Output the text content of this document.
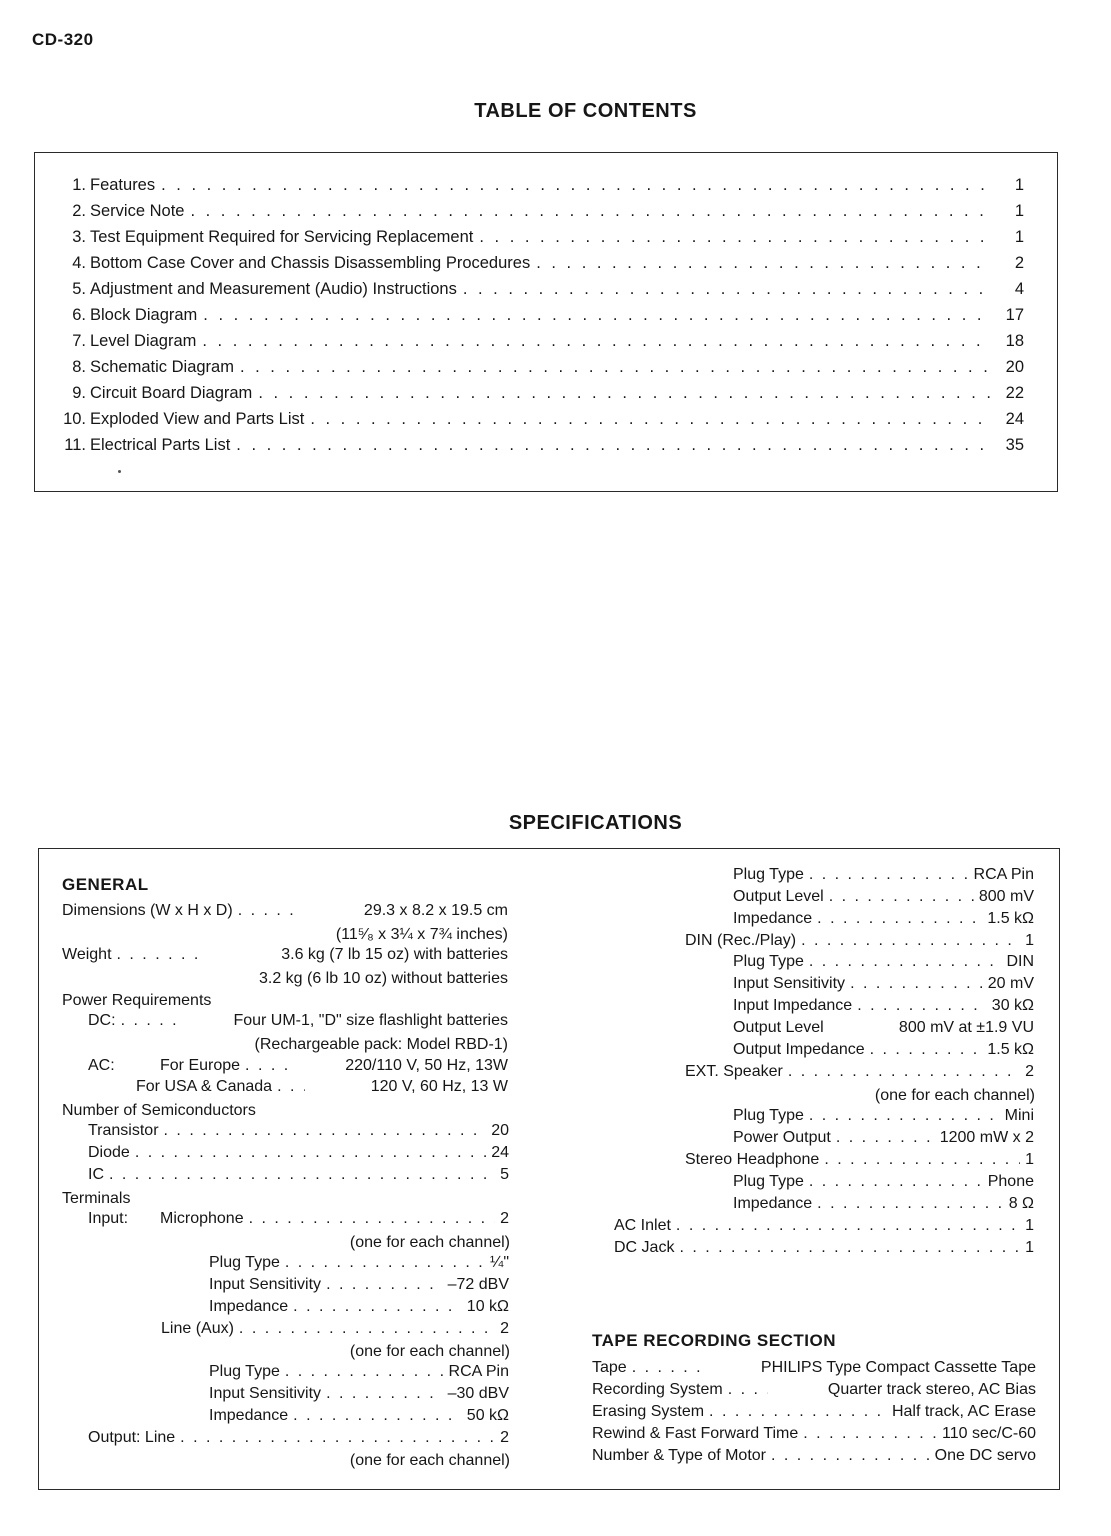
CD-320
TABLE OF CONTENTS
1. Features . . .	1
2. Service Note . . .	1
3. Test Equipment Required for Servicing Replacement . . .	1
4. Bottom Case Cover and Chassis Disassembling Procedures . . .	2
5. Adjustment and Measurement (Audio) Instructions . . .	4
6. Block Diagram . . .	17
7. Level Diagram . . .	18
8. Schematic Diagram . . .	20
9. Circuit Board Diagram . . .	22
10. Exploded View and Parts List . . .	24
11. Electrical Parts List . . .	35
SPECIFICATIONS
GENERAL
Dimensions (W x H x D) . . .	29.3 x 8.2 x 19.5 cm
(11⁵⁄₈ x 3¼ x 7¾ inches)
Weight . . .	3.6 kg (7 lb 15 oz) with batteries
3.2 kg (6 lb 10 oz) without batteries
Power Requirements
DC: . . .	Four UM-1, "D" size flashlight batteries
(Rechargeable pack: Model RBD-1)
AC:	For Europe . . .	220/110 V, 50 Hz, 13W
For USA & Canada . . .	120 V, 60 Hz, 13 W
Number of Semiconductors
Transistor . . .	20
Diode . . .	24
IC . . .	5
Terminals
Input:	Microphone . . .	2
(one for each channel)
Plug Type . . .	¼"
Input Sensitivity . . .	–72 dBV
Impedance . . .	10 kΩ
Line (Aux) . . .	2
(one for each channel)
Plug Type . . .	RCA Pin
Input Sensitivity . . .	–30 dBV
Impedance . . .	50 kΩ
Output: Line . . .	2
(one for each channel)
Plug Type . . .	RCA Pin
Output Level . . .	800 mV
Impedance . . .	1.5 kΩ
DIN (Rec./Play) . . .	1
Plug Type . . .	DIN
Input Sensitivity . . .	20 mV
Input Impedance . . .	30 kΩ
Output Level	800 mV at ±1.9 VU
Output Impedance . . .	1.5 kΩ
EXT. Speaker . . .	2
(one for each channel)
Plug Type . . .	Mini
Power Output . . .	1200 mW x 2
Stereo Headphone . . .	1
Plug Type . . .	Phone
Impedance . . .	8 Ω
AC Inlet . . .	1
DC Jack . . .	1
TAPE RECORDING SECTION
Tape . . .	PHILIPS Type Compact Cassette Tape
Recording System . . .	Quarter track stereo, AC Bias
Erasing System . . .	Half track, AC Erase
Rewind & Fast Forward Time . . .	110 sec/C-60
Number & Type of Motor . . .	One DC servo
